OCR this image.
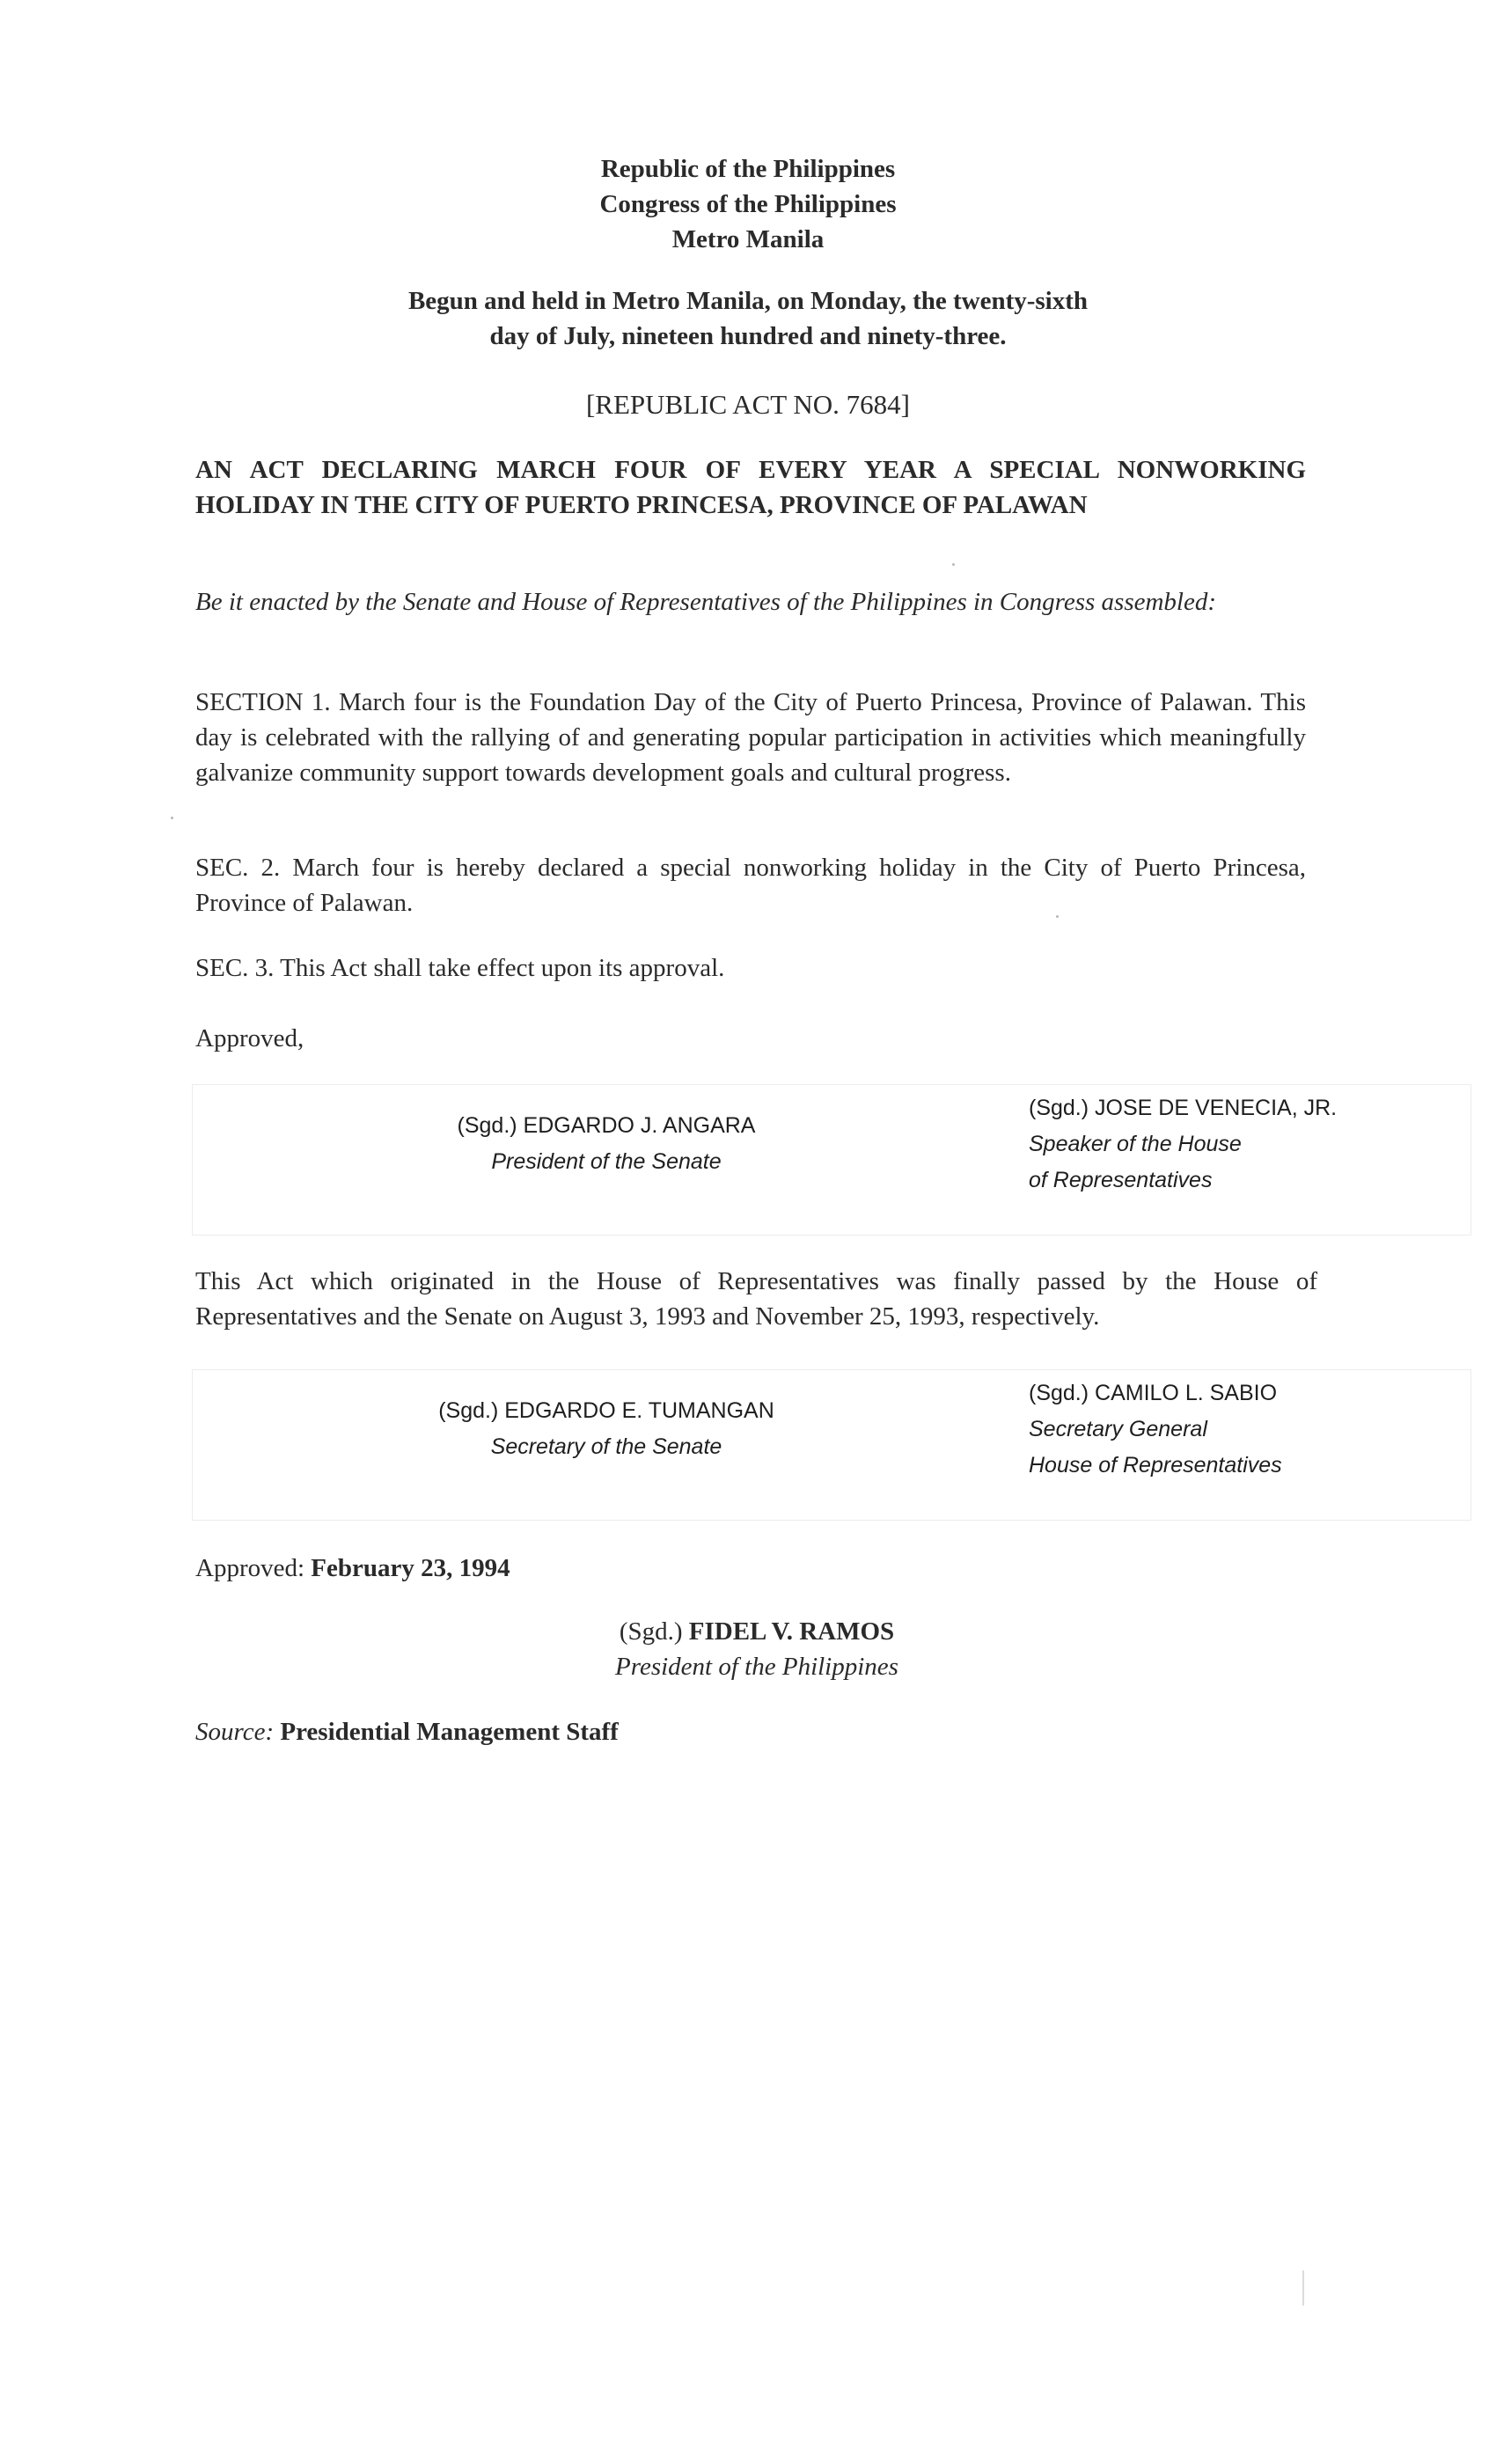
Republic of the Philippines
Congress of the Philippines
Metro Manila
Begun and held in Metro Manila, on Monday, the twenty-sixth
day of July, nineteen hundred and ninety-three.
[REPUBLIC ACT NO. 7684]
AN ACT DECLARING MARCH FOUR OF EVERY YEAR A SPECIAL NONWORKING HOLIDAY IN THE CITY OF PUERTO PRINCESA, PROVINCE OF PALAWAN
Be it enacted by the Senate and House of Representatives of the Philippines in Congress assembled:
SECTION 1. March four is the Foundation Day of the City of Puerto Princesa, Province of Palawan. This day is celebrated with the rallying of and generating popular participation in activities which meaningfully galvanize community support towards development goals and cultural progress.
SEC. 2. March four is hereby declared a special nonworking holiday in the City of Puerto Princesa, Province of Palawan.
SEC. 3. This Act shall take effect upon its approval.
Approved,
(Sgd.) EDGARDO J. ANGARA
President of the Senate
(Sgd.) JOSE DE VENECIA, JR.
Speaker of the House
of Representatives
This Act which originated in the House of Representatives was finally passed by the House of Representatives and the Senate on August 3, 1993 and November 25, 1993, respectively.
(Sgd.) EDGARDO E. TUMANGAN
Secretary of the Senate
(Sgd.) CAMILO L. SABIO
Secretary General
House of Representatives
Approved: February 23, 1994
(Sgd.) FIDEL V. RAMOS
President of the Philippines
Source: Presidential Management Staff
